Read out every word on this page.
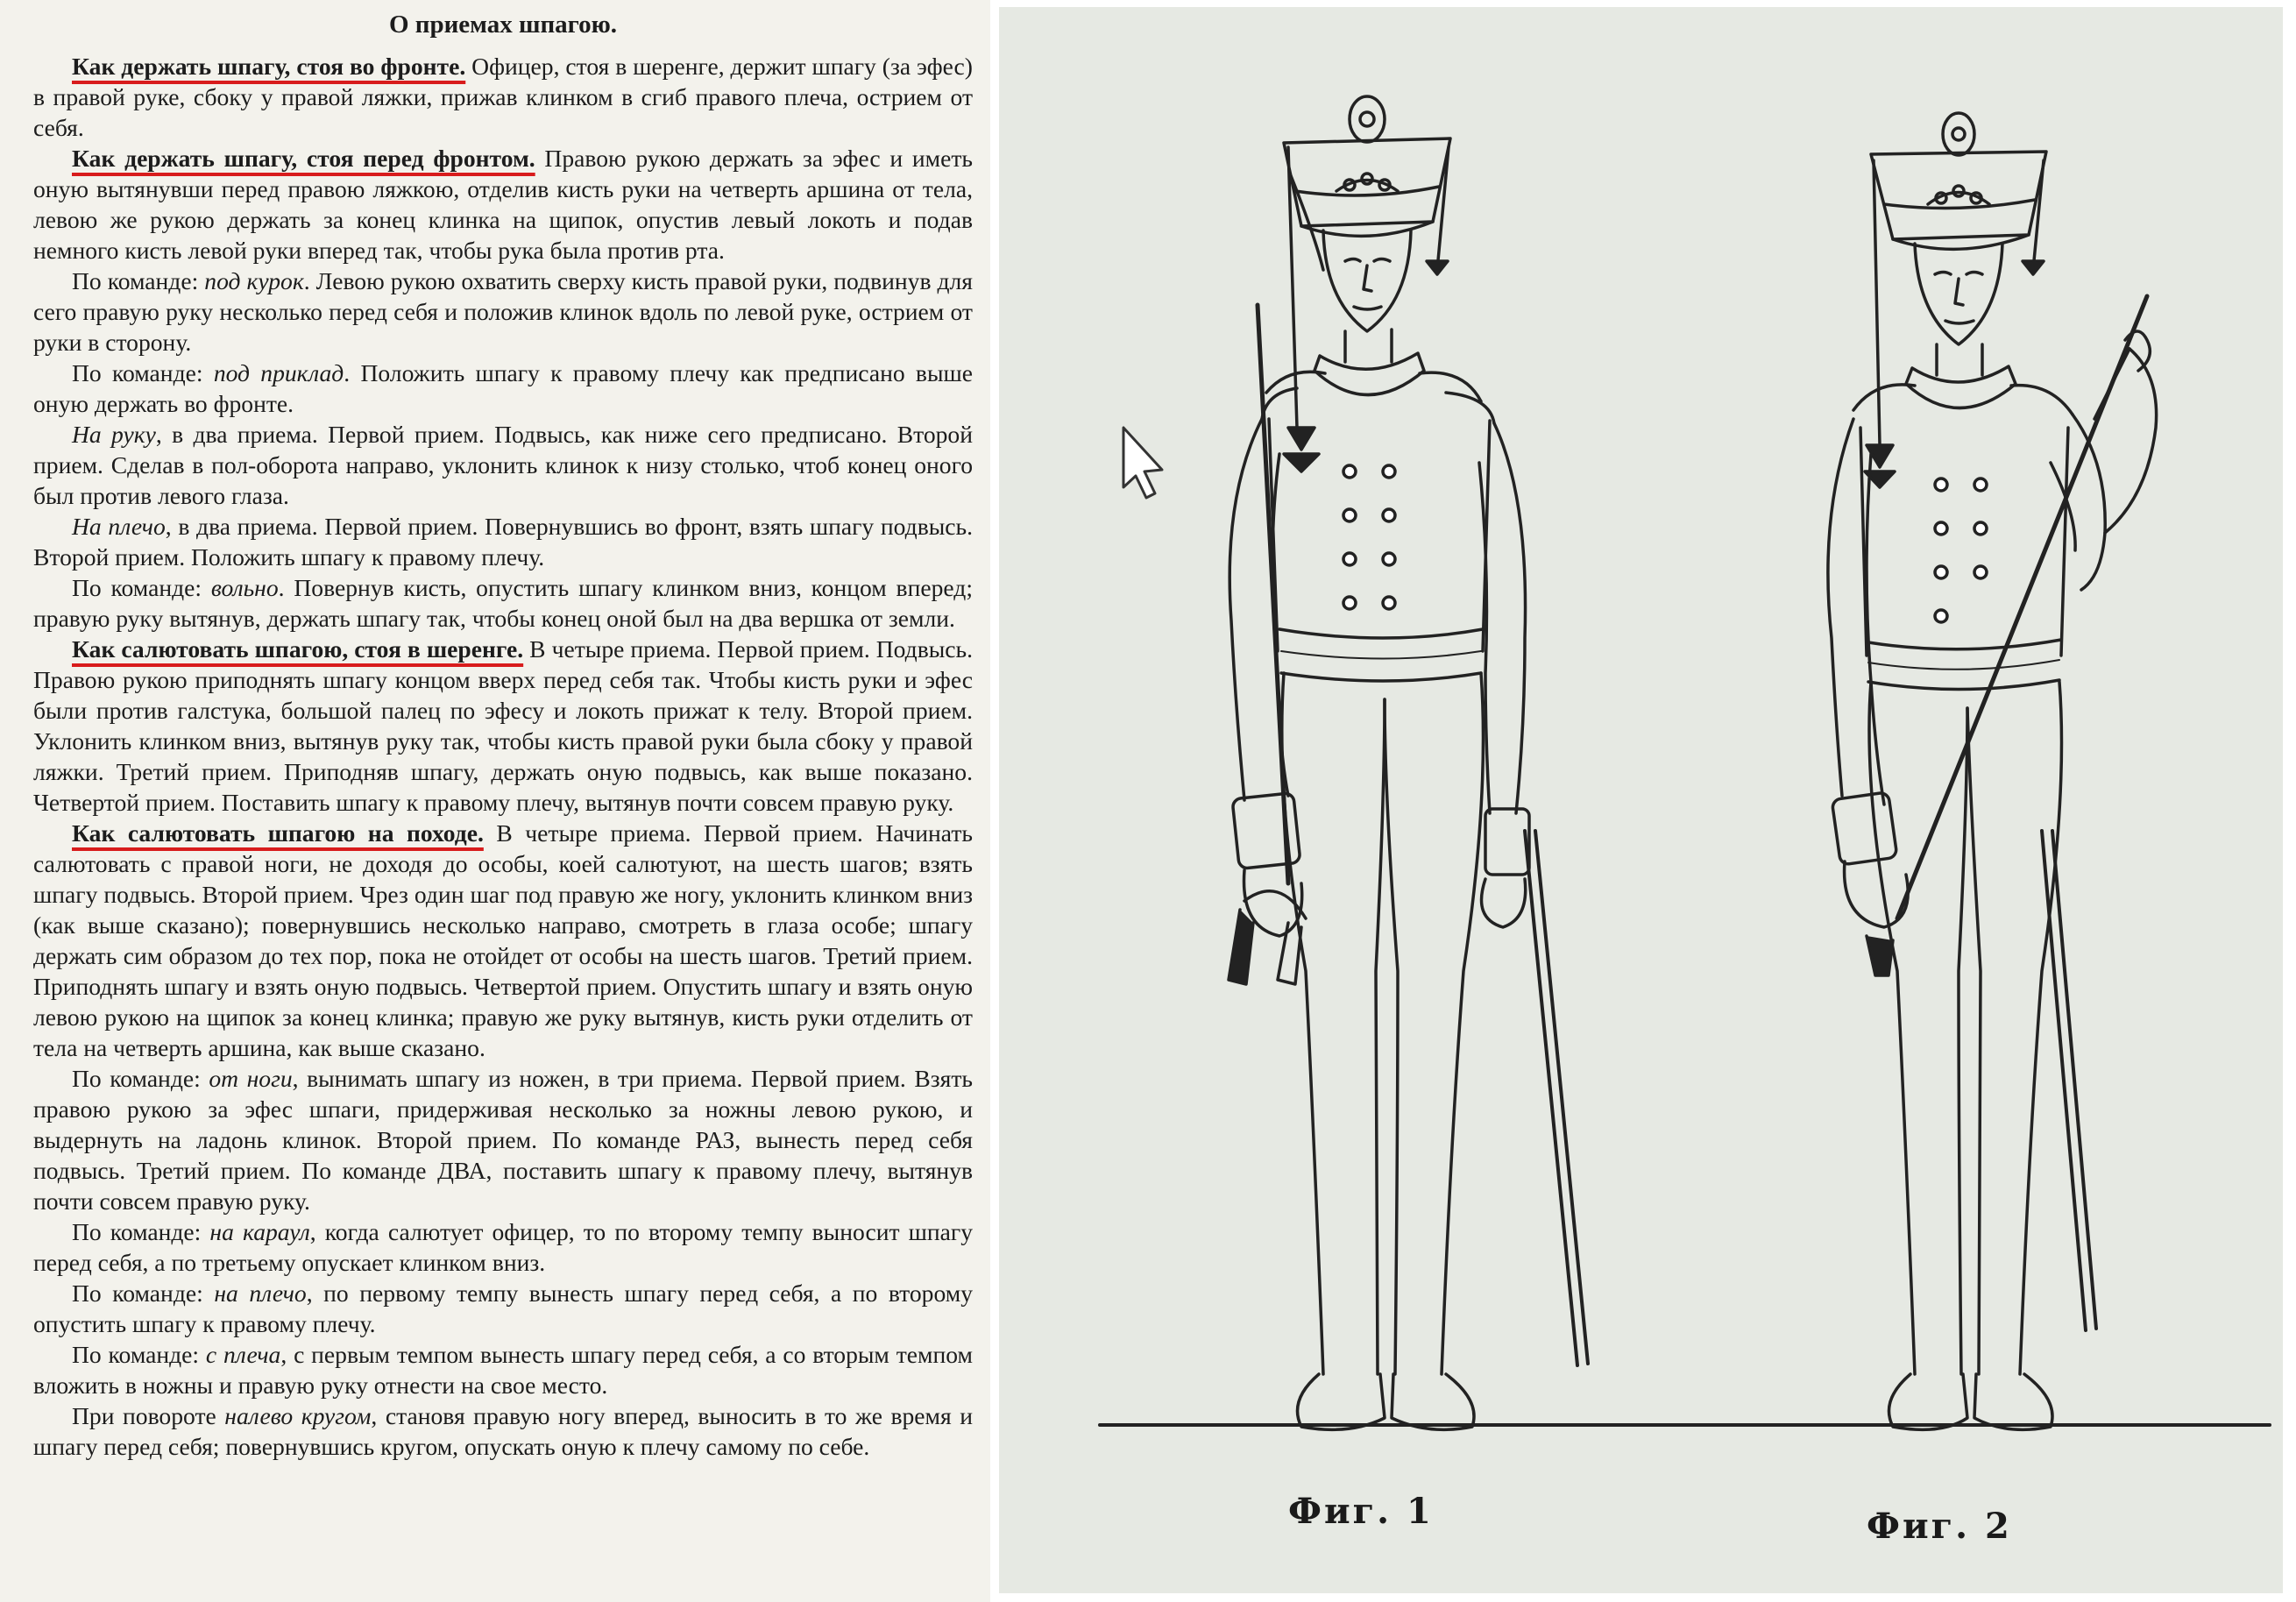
О приемах шпагою.

Как держать шпагу, стоя во фронте. Офицер, стоя в шеренге, держит шпагу (за эфес) в правой руке, сбоку у правой ляжки, прижав клинком в сгиб правого плеча, острием от себя.

Как держать шпагу, стоя перед фронтом. Правою рукою держать за эфес и иметь оную вытянувши перед правою ляжкою, отделив кисть руки на четверть аршина от тела, левою же рукою держать за конец клинка на щипок, опустив левый локоть и подав немного кисть левой руки вперед так, чтобы рука была против рта.

По команде: под курок. Левою рукою охватить сверху кисть правой руки, подвинув для сего правую руку несколько перед себя и положив клинок вдоль по левой руке, острием от руки в сторону.

По команде: под приклад. Положить шпагу к правому плечу как предписано выше оную держать во фронте.

На руку, в два приема. Первой прием. Подвысь, как ниже сего предписано. Второй прием. Сделав в пол-оборота направо, уклонить клинок к низу столько, чтоб конец оного был против левого глаза.

На плечо, в два приема. Первой прием. Повернувшись во фронт, взять шпагу подвысь. Второй прием. Положить шпагу к правому плечу.

По команде: вольно. Повернув кисть, опустить шпагу клинком вниз, концом вперед; правую руку вытянув, держать шпагу так, чтобы конец оной был на два вершка от земли.

Как салютовать шпагою, стоя в шеренге. В четыре приема. Первой прием. Подвысь. Правою рукою приподнять шпагу концом вверх перед себя так. Чтобы кисть руки и эфес были против галстука, большой палец по эфесу и локоть прижат к телу. Второй прием. Уклонить клинком вниз, вытянув руку так, чтобы кисть правой руки была сбоку у правой ляжки. Третий прием. Приподняв шпагу, держать оную подвысь, как выше показано. Четвертой прием. Поставить шпагу к правому плечу, вытянув почти совсем правую руку.

Как салютовать шпагою на походе. В четыре приема. Первой прием. Начинать салютовать с правой ноги, не доходя до особы, коей салютуют, на шесть шагов; взять шпагу подвысь. Второй прием. Чрез один шаг под правую же ногу, уклонить клинком вниз (как выше сказано); повернувшись несколько направо, смотреть в глаза особе; шпагу держать сим образом до тех пор, пока не отойдет от особы на шесть шагов. Третий прием. Приподнять шпагу и взять оную подвысь. Четвертой прием. Опустить шпагу и взять оную левою рукою на щипок за конец клинка; правую же руку вытянув, кисть руки отделить от тела на четверть аршина, как выше сказано.

По команде: от ноги, вынимать шпагу из ножен, в три приема. Первой прием. Взять правою рукою за эфес шпаги, придерживая несколько за ножны левою рукою, и выдернуть на ладонь клинок. Второй прием. По команде РАЗ, вынесть перед себя подвысь. Третий прием. По команде ДВА, поставить шпагу к правому плечу, вытянув почти совсем правую руку.

По команде: на караул, когда салютует офицер, то по второму темпу выносит шпагу перед себя, а по третьему опускает клинком вниз.

По команде: на плечо, по первому темпу вынесть шпагу перед себя, а по второму опустить шпагу к правому плечу.

По команде: с плеча, с первым темпом вынесть шпагу перед себя, а со вторым темпом вложить в ножны и правую руку отнести на свое место.

При повороте налево кругом, становя правую ногу вперед, выносить в то же время и шпагу перед себя; повернувшись кругом, опускать оную к плечу самому по себе.

Фиг. 1	Фиг. 2
